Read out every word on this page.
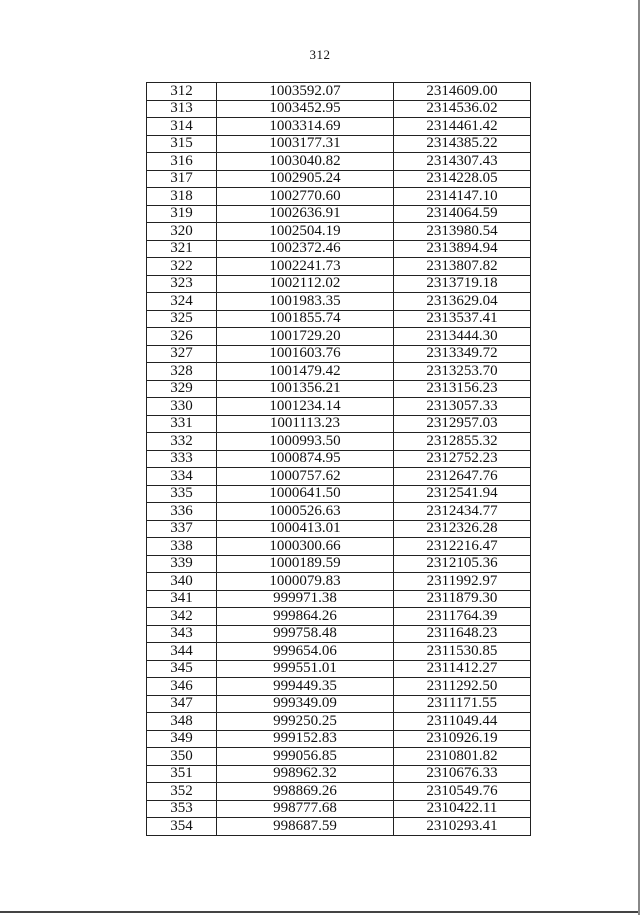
312
312	1003592.07	2314609.00
313	1003452.95	2314536.02
314	1003314.69	2314461.42
315	1003177.31	2314385.22
316	1003040.82	2314307.43
317	1002905.24	2314228.05
318	1002770.60	2314147.10
319	1002636.91	2314064.59
320	1002504.19	2313980.54
321	1002372.46	2313894.94
322	1002241.73	2313807.82
323	1002112.02	2313719.18
324	1001983.35	2313629.04
325	1001855.74	2313537.41
326	1001729.20	2313444.30
327	1001603.76	2313349.72
328	1001479.42	2313253.70
329	1001356.21	2313156.23
330	1001234.14	2313057.33
331	1001113.23	2312957.03
332	1000993.50	2312855.32
333	1000874.95	2312752.23
334	1000757.62	2312647.76
335	1000641.50	2312541.94
336	1000526.63	2312434.77
337	1000413.01	2312326.28
338	1000300.66	2312216.47
339	1000189.59	2312105.36
340	1000079.83	2311992.97
341	999971.38	2311879.30
342	999864.26	2311764.39
343	999758.48	2311648.23
344	999654.06	2311530.85
345	999551.01	2311412.27
346	999449.35	2311292.50
347	999349.09	2311171.55
348	999250.25	2311049.44
349	999152.83	2310926.19
350	999056.85	2310801.82
351	998962.32	2310676.33
352	998869.26	2310549.76
353	998777.68	2310422.11
354	998687.59	2310293.41
